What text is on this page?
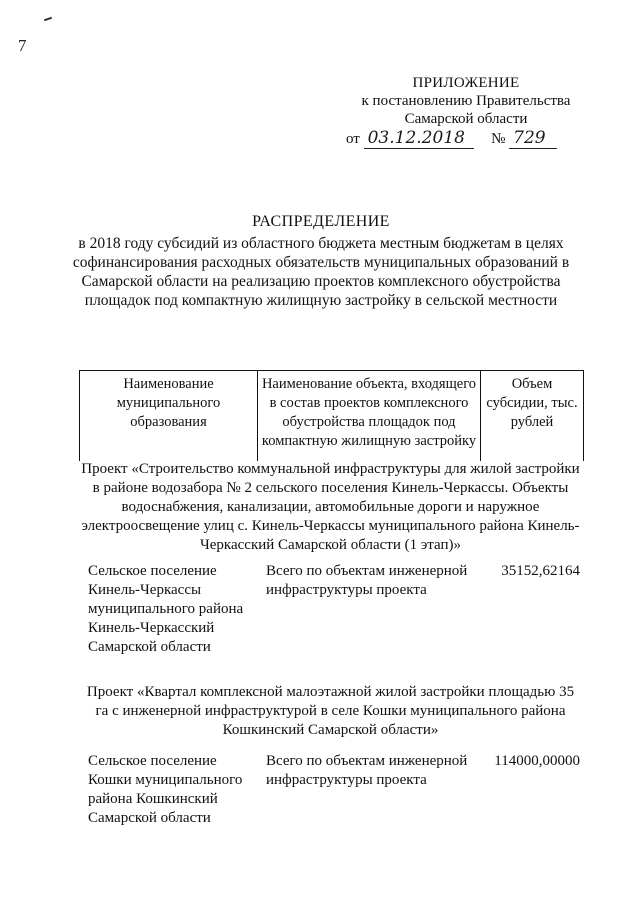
7
ПРИЛОЖЕНИЕ
к постановлению Правительства
Самарской области
от 03.12.2018 № 729
РАСПРЕДЕЛЕНИЕ
в 2018 году субсидий из областного бюджета местным бюджетам в целях софинансирования расходных обязательств муниципальных образований в Самарской области на реализацию проектов комплексного обустройства площадок под компактную жилищную застройку в сельской местности
Наименование муниципального образования
Наименование объекта, входящего в состав проектов комплексного обустройства площадок под компактную жилищную застройку
Объем субсидии, тыс. рублей
Проект «Строительство коммунальной инфраструктуры для жилой застройки в районе водозабора № 2 сельского поселения Кинель-Черкассы. Объекты водоснабжения, канализации, автомобильные дороги и наружное электроосвещение улиц с. Кинель-Черкассы муниципального района Кинель-Черкасский Самарской области (1 этап)»
Сельское поселение Кинель-Черкассы муниципального района Кинель-Черкасский Самарской области
Всего по объектам инженерной инфраструктуры проекта
35152,62164
Проект «Квартал комплексной малоэтажной жилой застройки площадью 35 га с инженерной инфраструктурой в селе Кошки муниципального района Кошкинский Самарской области»
Сельское поселение Кошки муниципального района Кошкинский Самарской области
Всего по объектам инженерной инфраструктуры проекта
114000,00000
